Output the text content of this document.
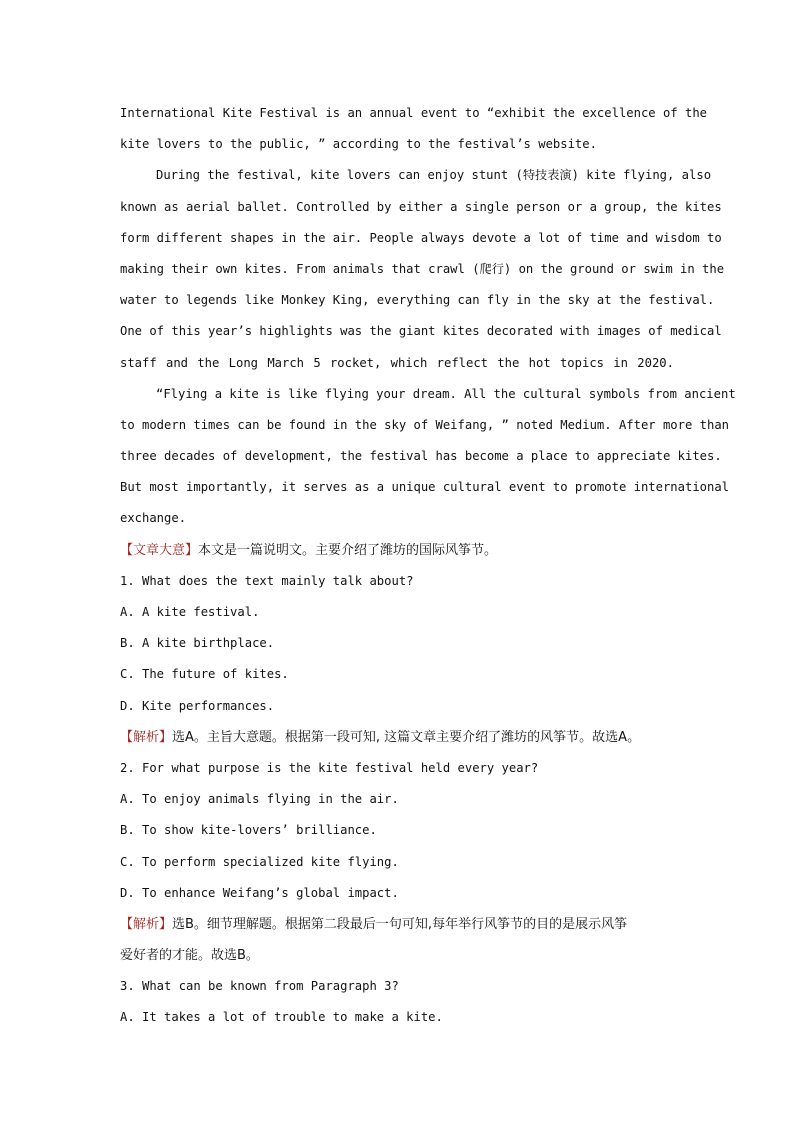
International Kite Festival is an annual event to “exhibit the excellence of the
kite lovers to the public, ” according to the festival’s website.
During the festival, kite lovers can enjoy stunt (特技表演) kite flying, also
known as aerial ballet. Controlled by either a single person or a group, the kites
form different shapes in the air. People always devote a lot of time and wisdom to
making their own kites. From animals that crawl (爬行) on the ground or swim in the
water to legends like Monkey King, everything can fly in the sky at the festival.
One of this year’s highlights was the giant kites decorated with images of medical
staff and the Long March 5 rocket, which reflect the hot topics in 2020.
“Flying a kite is like flying your dream. All the cultural symbols from ancient
to modern times can be found in the sky of Weifang, ” noted Medium. After more than
three decades of development, the festival has become a place to appreciate kites.
But most importantly, it serves as a unique cultural event to promote international
exchange.
【文章大意】本文是一篇说明文。主要介绍了潍坊的国际风筝节。
1. What does the text mainly talk about?
A. A kite festival.
B. A kite birthplace.
C. The future of kites.
D. Kite performances.
【解析】选A。主旨大意题。根据第一段可知, 这篇文章主要介绍了潍坊的风筝节。故选A。
2. For what purpose is the kite festival held every year?
A. To enjoy animals flying in the air.
B. To show kite-lovers’ brilliance.
C. To perform specialized kite flying.
D. To enhance Weifang’s global impact.
【解析】选B。细节理解题。根据第二段最后一句可知,每年举行风筝节的目的是展示风筝
爱好者的才能。故选B。
3. What can be known from Paragraph 3?
A. It takes a lot of trouble to make a kite.
